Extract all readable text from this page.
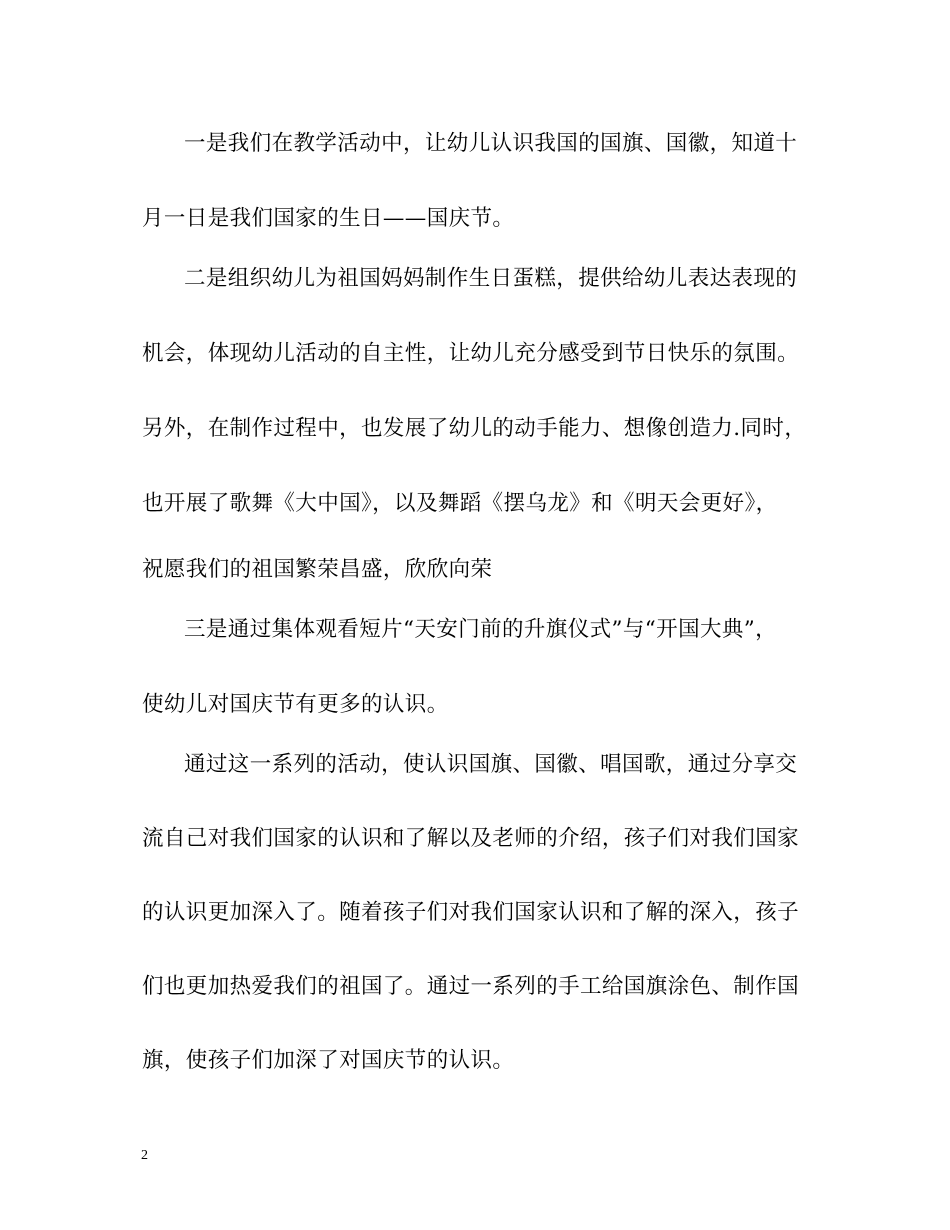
一是我们在教学活动中，让幼儿认识我国的国旗、国徽，知道十
月一日是我们国家的生日——国庆节。
二是组织幼儿为祖国妈妈制作生日蛋糕，提供给幼儿表达表现的
机会，体现幼儿活动的自主性，让幼儿充分感受到节日快乐的氛围。
另外，在制作过程中，也发展了幼儿的动手能力、想像创造力.同时，
也开展了歌舞《大中国》，以及舞蹈《摆乌龙》和《明天会更好》，
祝愿我们的祖国繁荣昌盛，欣欣向荣
三是通过集体观看短片“天安门前的升旗仪式”与“开国大典”，
使幼儿对国庆节有更多的认识。
通过这一系列的活动，使认识国旗、国徽、唱国歌，通过分享交
流自己对我们国家的认识和了解以及老师的介绍，孩子们对我们国家
的认识更加深入了。随着孩子们对我们国家认识和了解的深入，孩子
们也更加热爱我们的祖国了。通过一系列的手工给国旗涂色、制作国
旗，使孩子们加深了对国庆节的认识。
2
